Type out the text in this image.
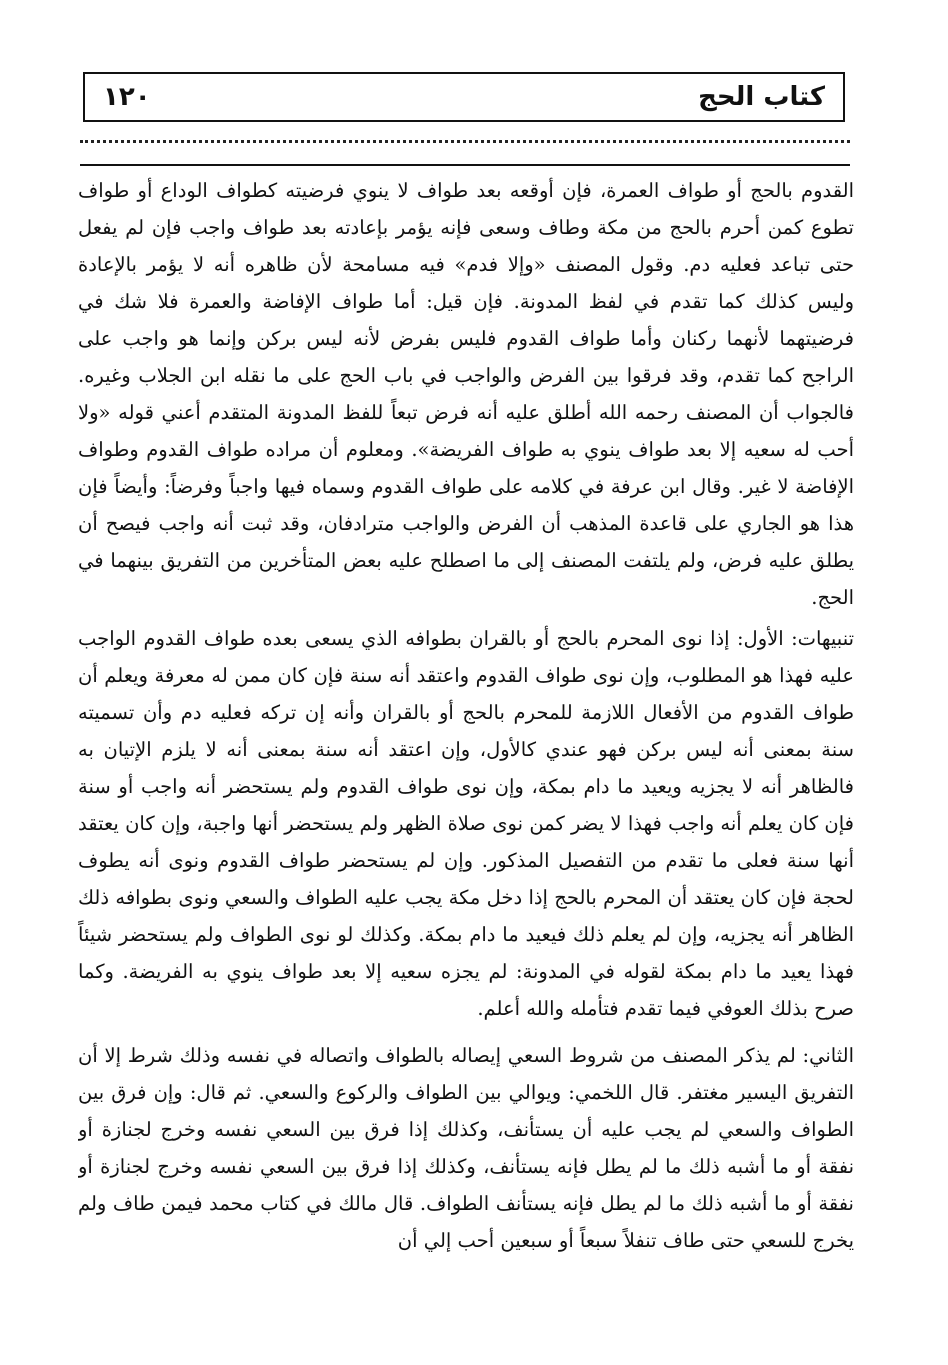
١٢٠	كتاب الحج

القدوم بالحج أو طواف العمرة، فإن أوقعه بعد طواف لا ينوي فرضيته كطواف الوداع أو طواف تطوع كمن أحرم بالحج من مكة وطاف وسعى فإنه يؤمر بإعادته بعد طواف واجب فإن لم يفعل حتى تباعد فعليه دم. وقول المصنف «وإلا فدم» فيه مسامحة لأن ظاهره أنه لا يؤمر بالإعادة وليس كذلك كما تقدم في لفظ المدونة. فإن قيل: أما طواف الإفاضة والعمرة فلا شك في فرضيتهما لأنهما ركنان وأما طواف القدوم فليس بفرض لأنه ليس بركن وإنما هو واجب على الراجح كما تقدم، وقد فرقوا بين الفرض والواجب في باب الحج على ما نقله ابن الجلاب وغيره. فالجواب أن المصنف رحمه الله أطلق عليه أنه فرض تبعاً للفظ المدونة المتقدم أعني قوله «ولا أحب له سعيه إلا بعد طواف ينوي به طواف الفريضة». ومعلوم أن مراده طواف القدوم وطواف الإفاضة لا غير. وقال ابن عرفة في كلامه على طواف القدوم وسماه فيها واجباً وفرضاً: وأيضاً فإن هذا هو الجاري على قاعدة المذهب أن الفرض والواجب مترادفان، وقد ثبت أنه واجب فيصح أن يطلق عليه فرض، ولم يلتفت المصنف إلى ما اصطلح عليه بعض المتأخرين من التفريق بينهما في الحج.

تنبيهات: الأول: إذا نوى المحرم بالحج أو بالقران بطوافه الذي يسعى بعده طواف القدوم الواجب عليه فهذا هو المطلوب، وإن نوى طواف القدوم واعتقد أنه سنة فإن كان ممن له معرفة ويعلم أن طواف القدوم من الأفعال اللازمة للمحرم بالحج أو بالقران وأنه إن تركه فعليه دم وأن تسميته سنة بمعنى أنه ليس بركن فهو عندي كالأول، وإن اعتقد أنه سنة بمعنى أنه لا يلزم الإتيان به فالظاهر أنه لا يجزيه ويعيد ما دام بمكة، وإن نوى طواف القدوم ولم يستحضر أنه واجب أو سنة فإن كان يعلم أنه واجب فهذا لا يضر كمن نوى صلاة الظهر ولم يستحضر أنها واجبة، وإن كان يعتقد أنها سنة فعلى ما تقدم من التفصيل المذكور. وإن لم يستحضر طواف القدوم ونوى أنه يطوف لحجة فإن كان يعتقد أن المحرم بالحج إذا دخل مكة يجب عليه الطواف والسعي ونوى بطوافه ذلك الظاهر أنه يجزيه، وإن لم يعلم ذلك فيعيد ما دام بمكة. وكذلك لو نوى الطواف ولم يستحضر شيئاً فهذا يعيد ما دام بمكة لقوله في المدونة: لم يجزه سعيه إلا بعد طواف ينوي به الفريضة. وكما صرح بذلك العوفي فيما تقدم فتأمله والله أعلم.

الثاني: لم يذكر المصنف من شروط السعي إيصاله بالطواف واتصاله في نفسه وذلك شرط إلا أن التفريق اليسير مغتفر. قال اللخمي: ويوالي بين الطواف والركوع والسعي. ثم قال: وإن فرق بين الطواف والسعي لم يجب عليه أن يستأنف، وكذلك إذا فرق بين السعي نفسه وخرج لجنازة أو نفقة أو ما أشبه ذلك ما لم يطل فإنه يستأنف، وكذلك إذا فرق بين السعي نفسه وخرج لجنازة أو نفقة أو ما أشبه ذلك ما لم يطل فإنه يستأنف الطواف. قال مالك في كتاب محمد فيمن طاف ولم يخرج للسعي حتى طاف تنفلاً سبعاً أو سبعين أحب إلي أن
